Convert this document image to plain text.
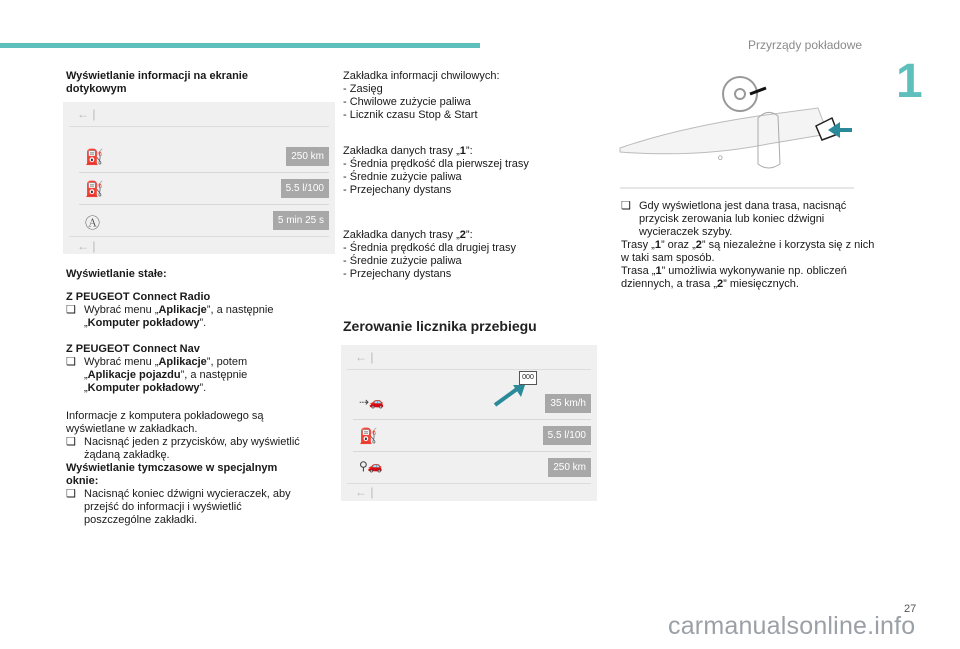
Przyrządy pokładowe
1
Wyświetlanie informacji na ekranie dotykowym
← |
⛽	250 km
⛽	5.5 l/100
Ⓐ	5 min 25 s
← |
Wyświetlanie stałe:

Z PEUGEOT Connect Radio

❑ Wybrać menu „Aplikacje”, a następnie
„Komputer pokładowy”.

Z PEUGEOT Connect Nav

❑ Wybrać menu „Aplikacje”, potem
„Aplikacje pojazdu”, a następnie
„Komputer pokładowy”.

Informacje z komputera pokładowego są

wyświetlane w zakładkach.

❑ Nacisnąć jeden z przycisków, aby wyświetlić żądaną zakładkę.

Wyświetlanie tymczasowe w specjalnym oknie:

❑ Nacisnąć koniec dźwigni wycieraczek, aby przejść do informacji i wyświetlić poszczególne zakładki.

Zakładka informacji chwilowych:

- Zasięg

- Chwilowe zużycie paliwa

- Licznik czasu Stop & Start

Zakładka danych trasy „1”:

- Średnia prędkość dla pierwszej trasy

- Średnie zużycie paliwa

- Przejechany dystans

Zakładka danych trasy „2”:

- Średnia prędkość dla drugiej trasy

- Średnie zużycie paliwa

- Przejechany dystans

Zerowanie licznika przebiegu
← |
000
⇢🚗	35 km/h
⛽	5.5 l/100
⚲🚗	250 km
← |
O

❑ Gdy wyświetlona jest dana trasa, nacisnąć przycisk zerowania lub koniec dźwigni wycieraczek szyby.

Trasy „1” oraz „2” są niezależne i korzysta się z nich w taki sam sposób.

Trasa „1” umożliwia wykonywanie np. obliczeń dziennych, a trasa „2” miesięcznych.

27
carmanualsonline.info
